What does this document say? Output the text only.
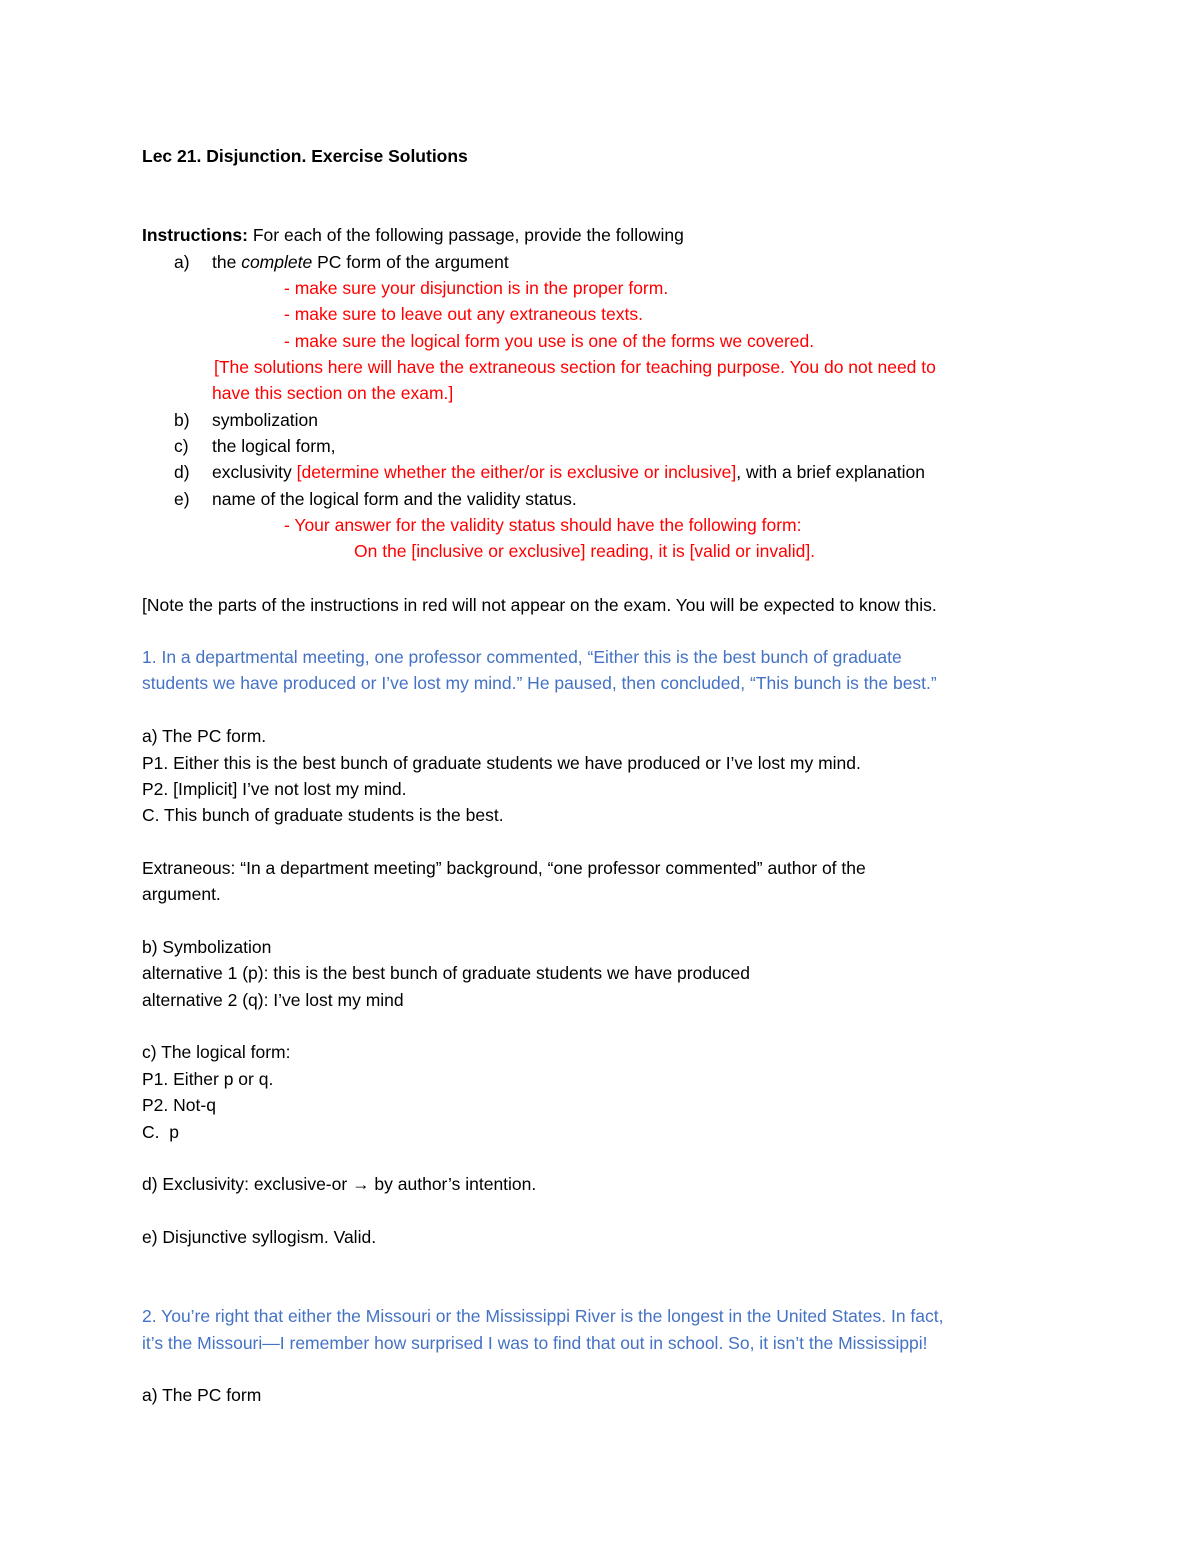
Lec 21. Disjunction. Exercise Solutions
Instructions: For each of the following passage, provide the following
a) the complete PC form of the argument
- make sure your disjunction is in the proper form.
- make sure to leave out any extraneous texts.
- make sure the logical form you use is one of the forms we covered.
[The solutions here will have the extraneous section for teaching purpose. You do not need to
have this section on the exam.]
b) symbolization
c) the logical form,
d) exclusivity [determine whether the either/or is exclusive or inclusive], with a brief explanation
e) name of the logical form and the validity status.
- Your answer for the validity status should have the following form:
On the [inclusive or exclusive] reading, it is [valid or invalid].
[Note the parts of the instructions in red will not appear on the exam. You will be expected to know this.
1. In a departmental meeting, one professor commented, “Either this is the best bunch of graduate
students we have produced or I’ve lost my mind.” He paused, then concluded, “This bunch is the best.”
a) The PC form.
P1. Either this is the best bunch of graduate students we have produced or I’ve lost my mind.
P2. [Implicit] I’ve not lost my mind.
C. This bunch of graduate students is the best.
Extraneous: “In a department meeting” background, “one professor commented” author of the
argument.
b) Symbolization
alternative 1 (p): this is the best bunch of graduate students we have produced
alternative 2 (q): I’ve lost my mind
c) The logical form:
P1. Either p or q.
P2. Not-q
C.  p
d) Exclusivity: exclusive-or → by author’s intention.
e) Disjunctive syllogism. Valid.
2. You’re right that either the Missouri or the Mississippi River is the longest in the United States. In fact,
it’s the Missouri—I remember how surprised I was to find that out in school. So, it isn’t the Mississippi!
a) The PC form
